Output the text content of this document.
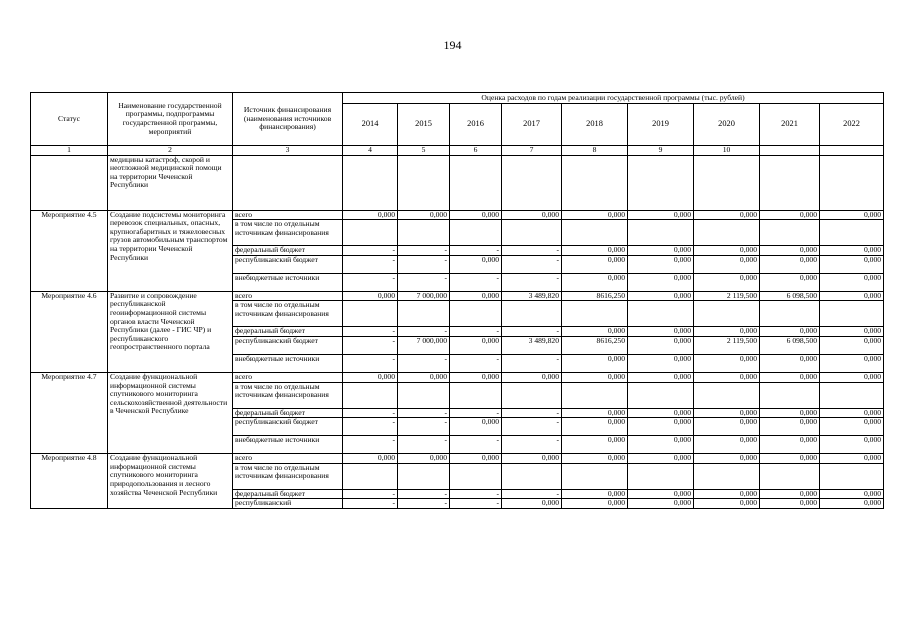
194
Статус	Наименование государственной программы, подпрограммы государственной программы, мероприятий	Источник финансирования (наименования источников финансирования)	Оценка расходов по годам реализации государственной программы (тыс. рублей)								
			2014	2015	2016	2017	2018	2019	2020	2021	2022
1	2	3	4	5	6	7	8	9	10		
	медицины катастроф, скорой и неотложной медицинской помощи на территории Чеченской Республики										
Мероприятие 4.5	Создание подсистемы мониторинга перевозок специальных, опасных, крупногабаритных и тяжеловесных грузов автомобильным транспортом на территории Чеченской Республики	всего	0,000	0,000	0,000	0,000	0,000	0,000	0,000	0,000	0,000
		в том числе по отдельным источникам финансирования									
		федеральный бюджет	-	-	-	-	0,000	0,000	0,000	0,000	0,000
		республиканский бюджет	-	-	0,000	-	0,000	0,000	0,000	0,000	0,000
		внебюджетные источники	-	-	-	-	0,000	0,000	0,000	0,000	0,000
Мероприятие 4.6	Развитие и сопровождение республиканской геоинформационной системы органов власти Чеченской Республики (далее - ГИС ЧР) и республиканского геопространственного портала	всего	0,000	7 000,000	0,000	3 489,820	8616,250	0,000	2 119,500	6 098,500	0,000
		в том числе по отдельным источникам финансирования									
		федеральный бюджет	-	-	-	-	0,000	0,000	0,000	0,000	0,000
		республиканский бюджет	-	7 000,000	0,000	3 489,820	8616,250	0,000	2 119,500	6 098,500	0,000
		внебюджетные источники	-	-	-	-	0,000	0,000	0,000	0,000	0,000
Мероприятие 4.7	Создание функциональной информационной системы спутникового мониторинга сельскохозяйственной деятельности в Чеченской Республике	всего	0,000	0,000	0,000	0,000	0,000	0,000	0,000	0,000	0,000
		в том числе по отдельным источникам финансирования									
		федеральный бюджет	-	-	-	-	0,000	0,000	0,000	0,000	0,000
		республиканский бюджет	-	-	0,000	-	0,000	0,000	0,000	0,000	0,000
		внебюджетные источники	-	-	-	-	0,000	0,000	0,000	0,000	0,000
Мероприятие 4.8	Создание функциональной информационной системы спутникового мониторинга природопользования и лесного хозяйства Чеченской Республики	всего	0,000	0,000	0,000	0,000	0,000	0,000	0,000	0,000	0,000
		в том числе по отдельным источникам финансирования									
		федеральный бюджет	-	-	-	-	0,000	0,000	0,000	0,000	0,000
		республиканский	-	-	-	0,000	0,000	0,000	0,000	0,000	0,000
